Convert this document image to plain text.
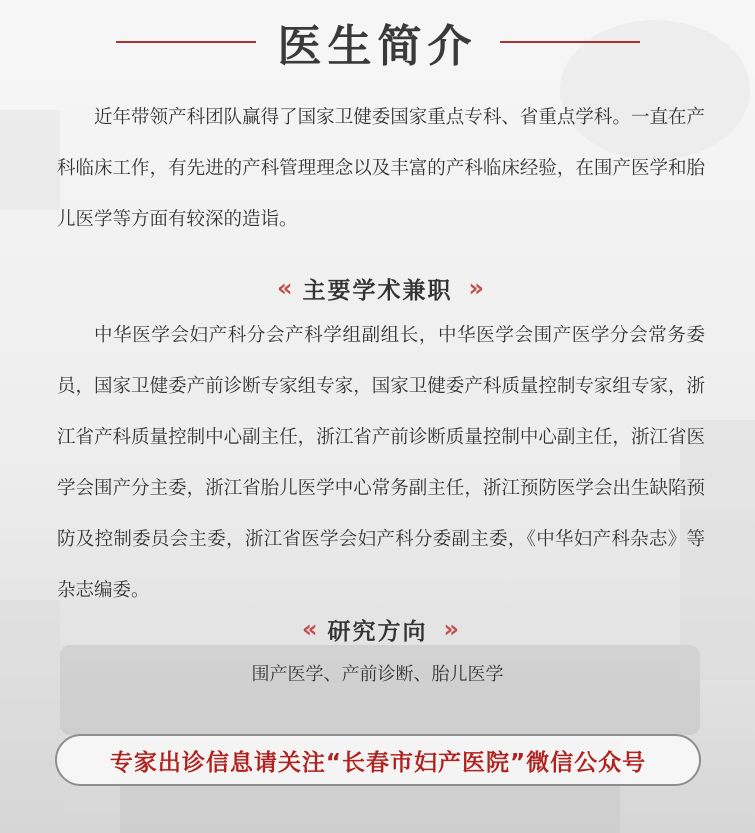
医生简介

近年带领产科团队赢得了国家卫健委国家重点专科、省重点学科。一直在产科临床工作，有先进的产科管理理念以及丰富的产科临床经验，在围产医学和胎儿医学等方面有较深的造诣。

« 主要学术兼职 »

中华医学会妇产科分会产科学组副组长，中华医学会围产医学分会常务委员，国家卫健委产前诊断专家组专家，国家卫健委产科质量控制专家组专家，浙江省产科质量控制中心副主任，浙江省产前诊断质量控制中心副主任，浙江省医学会围产分主委，浙江省胎儿医学中心常务副主任，浙江预防医学会出生缺陷预防及控制委员会主委，浙江省医学会妇产科分委副主委，《中华妇产科杂志》等杂志编委。

« 研究方向 »

围产医学、产前诊断、胎儿医学

专家出诊信息请关注“长春市妇产医院”微信公众号
